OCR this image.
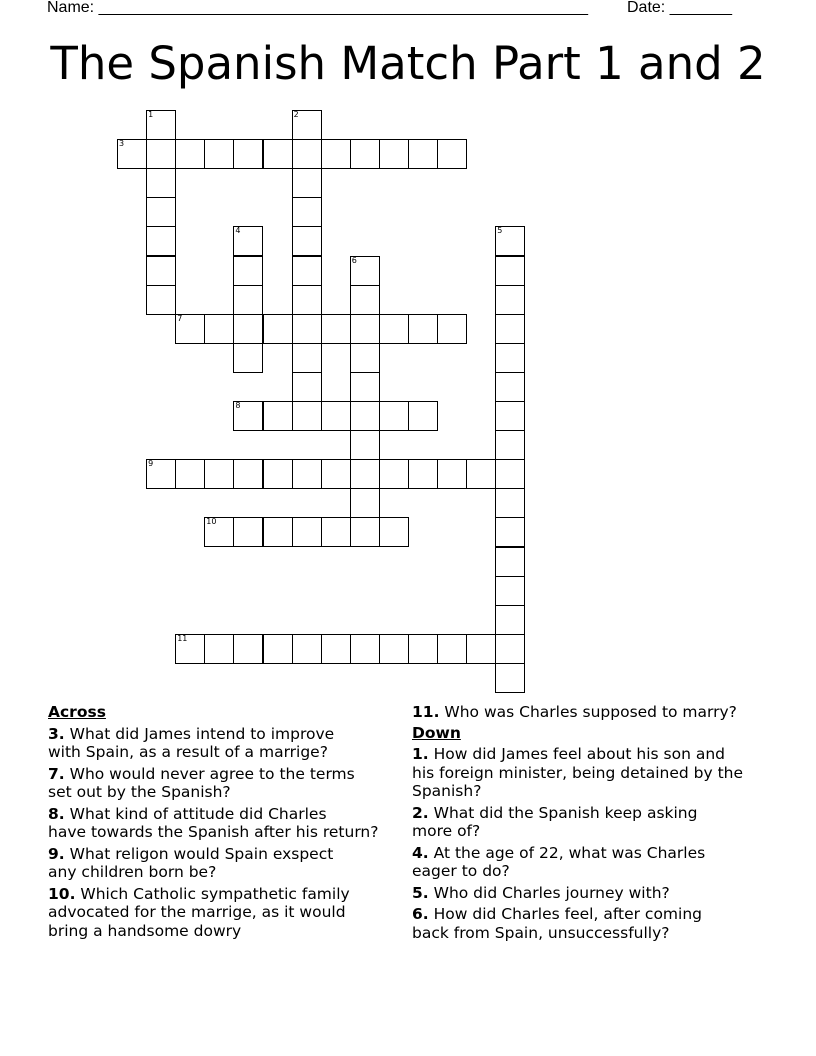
Name: _______________________________________________________ Date: _______
The Spanish Match Part 1 and 2
1	2
3
4	5
6
7
8
9
10
11
Across
3. What did James intend to improve
with Spain, as a result of a marrige?
7. Who would never agree to the terms
set out by the Spanish?
8. What kind of attitude did Charles
have towards the Spanish after his return?
9. What religon would Spain exspect
any children born be?
10. Which Catholic sympathetic family
advocated for the marrige, as it would
bring a handsome dowry
11. Who was Charles supposed to marry?
Down
1. How did James feel about his son and
his foreign minister, being detained by the
Spanish?
2. What did the Spanish keep asking
more of?
4. At the age of 22, what was Charles
eager to do?
5. Who did Charles journey with?
6. How did Charles feel, after coming
back from Spain, unsuccessfully?
